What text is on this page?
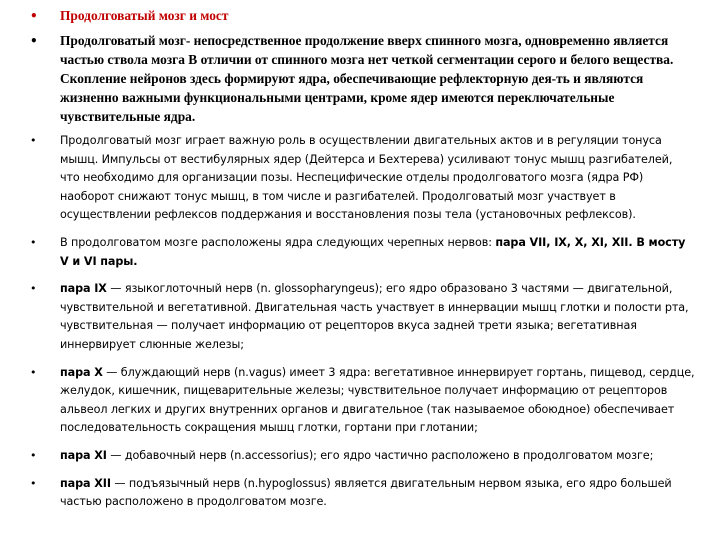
• Продолговатый мозг и мост
• Продолговатый мозг- непосредственное продолжение вверх спинного мозга, одновременно является частью ствола мозга В отличии от спинного мозга нет четкой сегментации серого и белого вещества. Скопление нейронов здесь формируют ядра, обеспечивающие рефлекторную дея-ть и являются жизненно важными функциональными центрами, кроме ядер имеются переключательные чувствительные ядра.
• Продолговатый мозг играет важную роль в осуществлении двигательных актов и в регуляции тонуса мышц. Импульсы от вестибулярных ядер (Дейтерса и Бехтерева) усиливают тонус мышц разгибателей, что необходимо для организации позы. Неспецифические отделы продолговатого мозга (ядра РФ) наоборот снижают тонус мышц, в том числе и разгибателей. Продолговатый мозг участвует в осуществлении рефлексов поддержания и восстановления позы тела (установочных рефлексов).
• В продолговатом мозге расположены ядра следующих черепных нервов: пара VII, IX, X, XI, XII. В мосту V и VI пары.
• пара IX — языкоглоточный нерв (n. glossopharyngeus); его ядро образовано 3 частями — двигательной, чувствительной и вегетативной. Двигательная часть участвует в иннервации мышц глотки и полости рта, чувствительная — получает информацию от рецепторов вкуса задней трети языка; вегетативная иннервирует слюнные железы;
• пара X — блуждающий нерв (n.vagus) имеет 3 ядра: вегетативное иннервирует гортань, пищевод, сердце, желудок, кишечник, пищеварительные железы; чувствительное получает информацию от рецепторов альвеол легких и других внутренних органов и двигательное (так называемое обоюдное) обеспечивает последовательность сокращения мышц глотки, гортани при глотании;
• пара XI — добавочный нерв (n.accessorius); его ядро частично расположено в продолговатом мозге;
• пара XII — подъязычный нерв (n.hypoglossus) является двигательным нервом языка, его ядро большей частью расположено в продолговатом мозге.
